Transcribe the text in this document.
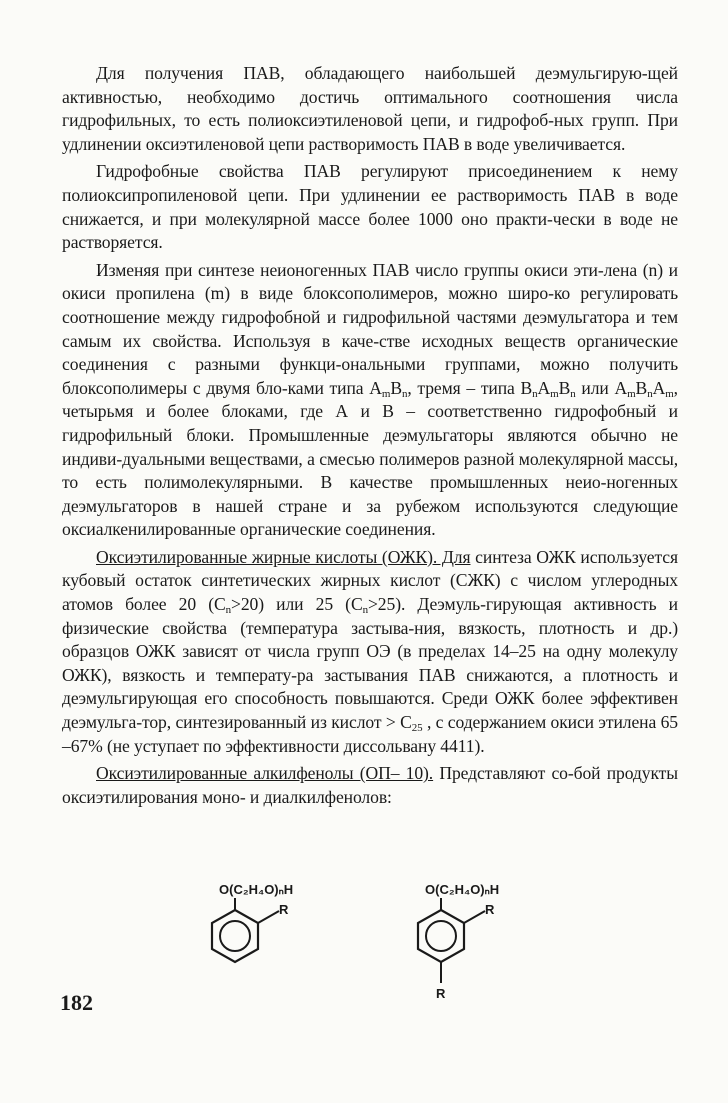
Для получения ПАВ, обладающего наибольшей деэмульгирую-щей активностью, необходимо достичь оптимального соотношения числа гидрофильных, то есть полиоксиэтиленовой цепи, и гидрофоб-ных групп. При удлинении оксиэтиленовой цепи растворимость ПАВ в воде увеличивается.

Гидрофобные свойства ПАВ регулируют присоединением к нему полиоксипропиленовой цепи. При удлинении ее растворимость ПАВ в воде снижается, и при молекулярной массе более 1000 оно практи-чески в воде не растворяется.

Изменяя при синтезе неионогенных ПАВ число группы окиси эти-лена (n) и окиси пропилена (m) в виде блоксополимеров, можно широ-ко регулировать соотношение между гидрофобной и гидрофильной частями деэмульгатора и тем самым их свойства. Используя в каче-стве исходных веществ органические соединения с разными функци-ональными группами, можно получить блоксополимеры с двумя бло-ками типа $A_mB_n$, тремя – типа $B_nA_mB_n$ или $A_mB_nA_m$, четырьмя и более блоками, где А и В – соответственно гидрофобный и гидрофильный блоки. Промышленные деэмульгаторы являются обычно не индиви-дуальными веществами, а смесью полимеров разной молекулярной массы, то есть полимолекулярными. В качестве промышленных неио-ногенных деэмульгаторов в нашей стране и за рубежом используются следующие оксиалкенилированные органические соединения.

Оксиэтилированные жирные кислоты (ОЖК). Для синтеза ОЖК используется кубовый остаток синтетических жирных кислот (СЖК) с числом углеродных атомов более 20 $(C_n>20)$ или 25 $(C_n>25)$. Деэмуль-гирующая активность и физические свойства (температура застыва-ния, вязкость, плотность и др.) образцов ОЖК зависят от числа групп ОЭ (в пределах 14–25 на одну молекулу ОЖК), вязкость и температу-ра застывания ПАВ снижаются, а плотность и деэмульгирующая его способность повышаются. Среди ОЖК более эффективен деэмульга-тор, синтезированный из кислот > $C_{25}$ , с содержанием окиси этилена 65 –67% (не уступает по эффективности диссольвану 4411).

Оксиэтилированные алкилфенолы (ОП– 10). Представляют со-бой продукты оксиэтилирования моно- и диалкилфенолов:

O(C₂H₄O)ₙH
R
O(C₂H₄O)ₙH
R
R
182
